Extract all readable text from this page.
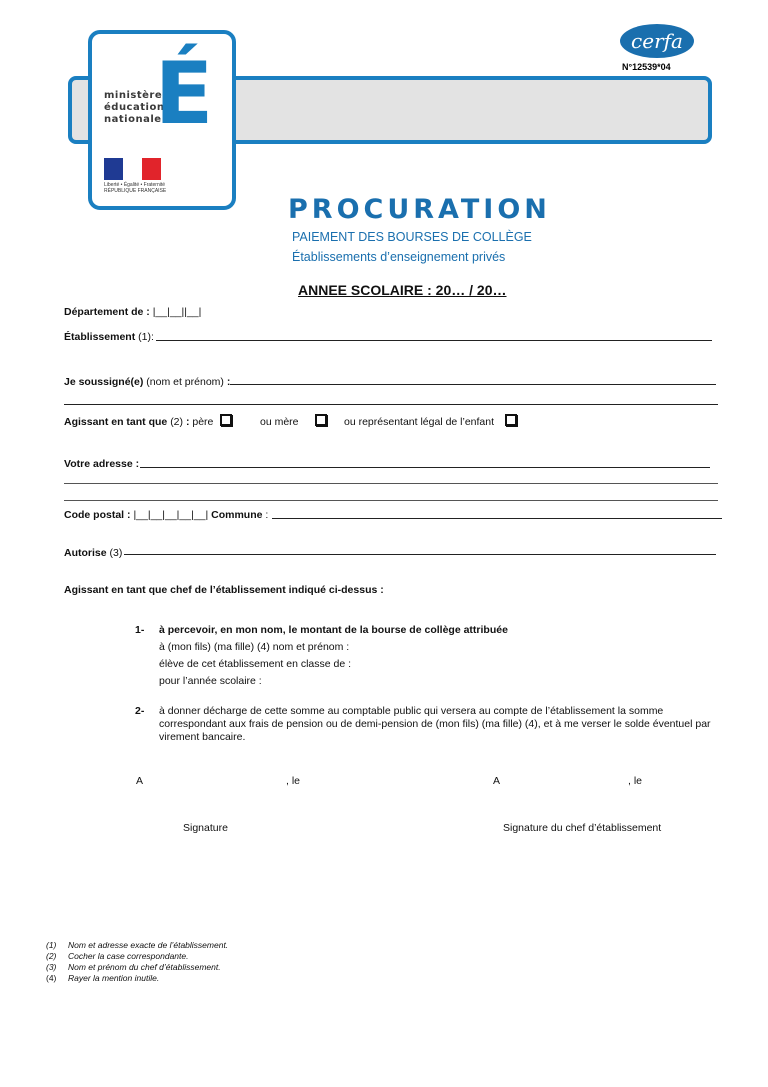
ministère éducation nationale
É
Liberté • Égalité • Fraternité RÉPUBLIQUE FRANÇAISE
cerfa
N°12539*04
PROCURATION
PAIEMENT DES BOURSES DE COLLÈGE
Établissements d’enseignement privés
ANNEE SCOLAIRE : 20… / 20…
Département de : |__|__||__|
Établissement (1):
Je soussigné(e) (nom et prénom) :
Agissant en tant que (2) : père	ou mère	ou représentant légal de l’enfant
Votre adresse :
Code postal : |__|__|__|__|__| Commune :
Autorise (3)
Agissant en tant que chef de l’établissement indiqué ci-dessus :
1- à percevoir, en mon nom, le montant de la bourse de collège attribuée
à (mon fils) (ma fille) (4) nom et prénom :
élève de cet établissement en classe de :
pour l’année scolaire :
2- à donner décharge de cette somme au comptable public qui versera au compte de l’établissement la somme correspondant aux frais de pension ou de demi-pension de (mon fils) (ma fille) (4), et à me verser le solde éventuel par virement bancaire.
A	, le	A	, le
Signature	Signature du chef d’établissement
(1) Nom et adresse exacte de l’établissement.
(2) Cocher la case correspondante.
(3) Nom et prénom du chef d’établissement.
(4) Rayer la mention inutile.
